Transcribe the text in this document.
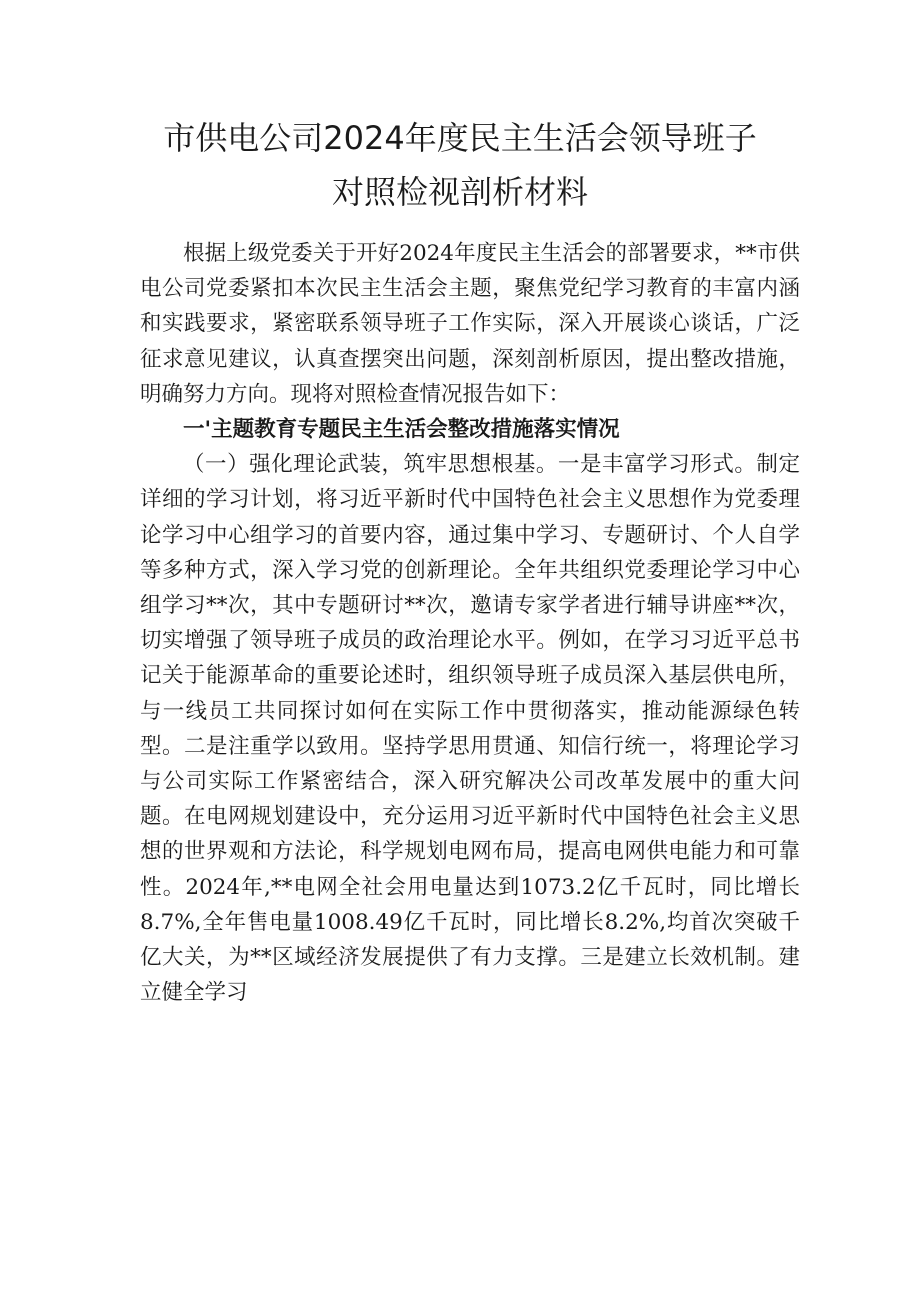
市供电公司2024年度民主生活会领导班子
对照检视剖析材料

根据上级党委关于开好2024年度民主生活会的部署要求，**市供电公司党委紧扣本次民主生活会主题，聚焦党纪学习教育的丰富内涵和实践要求，紧密联系领导班子工作实际，深入开展谈心谈话，广泛征求意见建议，认真查摆突出问题，深刻剖析原因，提出整改措施，明确努力方向。现将对照检查情况报告如下：

一'主题教育专题民主生活会整改措施落实情况

（一）强化理论武装，筑牢思想根基。一是丰富学习形式。制定详细的学习计划，将习近平新时代中国特色社会主义思想作为党委理论学习中心组学习的首要内容，通过集中学习、专题研讨、个人自学等多种方式，深入学习党的创新理论。全年共组织党委理论学习中心组学习**次，其中专题研讨**次，邀请专家学者进行辅导讲座**次，切实增强了领导班子成员的政治理论水平。例如，在学习习近平总书记关于能源革命的重要论述时，组织领导班子成员深入基层供电所，与一线员工共同探讨如何在实际工作中贯彻落实，推动能源绿色转型。二是注重学以致用。坚持学思用贯通、知信行统一，将理论学习与公司实际工作紧密结合，深入研究解决公司改革发展中的重大问题。在电网规划建设中，充分运用习近平新时代中国特色社会主义思想的世界观和方法论，科学规划电网布局，提高电网供电能力和可靠性。2024年,**电网全社会用电量达到1073.2亿千瓦时，同比增长8.7%,全年售电量1008.49亿千瓦时，同比增长8.2%,均首次突破千亿大关，为**区域经济发展提供了有力支撑。三是建立长效机制。建立健全学习
